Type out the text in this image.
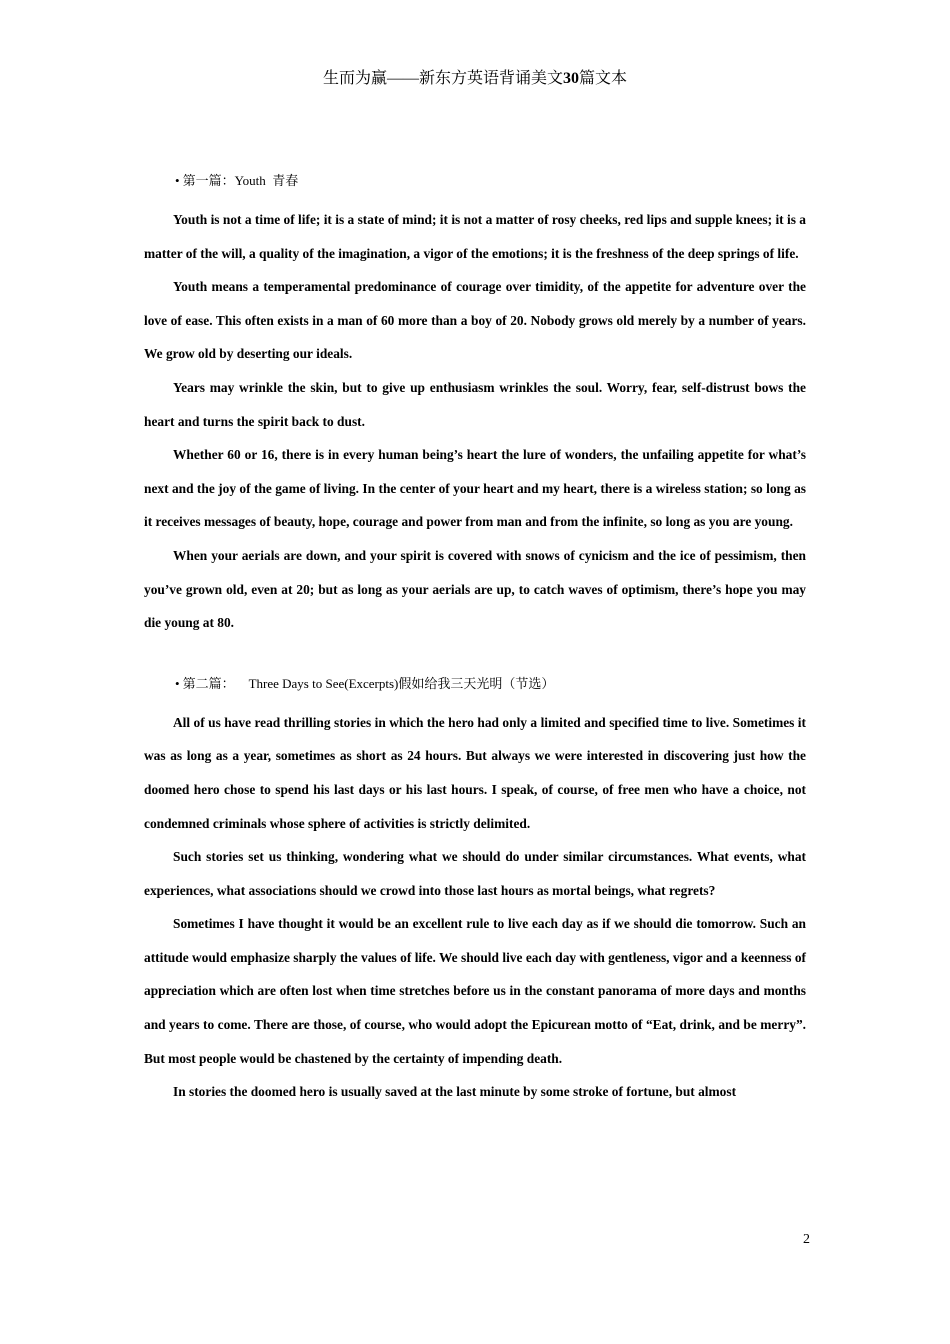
生而为赢——新东方英语背诵美文30篇文本
• 第一篇：Youth  青春

Youth is not a time of life; it is a state of mind; it is not a matter of rosy cheeks, red lips and supple knees; it is a matter of the will, a quality of the imagination, a vigor of the emotions; it is the freshness of the deep springs of life.

Youth means a temperamental predominance of courage over timidity, of the appetite for adventure over the love of ease. This often exists in a man of 60 more than a boy of 20. Nobody grows old merely by a number of years. We grow old by deserting our ideals.

Years may wrinkle the skin, but to give up enthusiasm wrinkles the soul. Worry, fear, self-distrust bows the heart and turns the spirit back to dust.

Whether 60 or 16, there is in every human being’s heart the lure of wonders, the unfailing appetite for what’s next and the joy of the game of living. In the center of your heart and my heart, there is a wireless station; so long as it receives messages of beauty, hope, courage and power from man and from the infinite, so long as you are young.

When your aerials are down, and your spirit is covered with snows of cynicism and the ice of pessimism, then you’ve grown old, even at 20; but as long as your aerials are up, to catch waves of optimism, there’s hope you may die young at 80.

• 第二篇： Three Days to See(Excerpts)假如给我三天光明（节选）

All of us have read thrilling stories in which the hero had only a limited and specified time to live. Sometimes it was as long as a year, sometimes as short as 24 hours. But always we were interested in discovering just how the doomed hero chose to spend his last days or his last hours. I speak, of course, of free men who have a choice, not condemned criminals whose sphere of activities is strictly delimited.

Such stories set us thinking, wondering what we should do under similar circumstances. What events, what experiences, what associations should we crowd into those last hours as mortal beings, what regrets?

Sometimes I have thought it would be an excellent rule to live each day as if we should die tomorrow. Such an attitude would emphasize sharply the values of life. We should live each day with gentleness, vigor and a keenness of appreciation which are often lost when time stretches before us in the constant panorama of more days and months and years to come. There are those, of course, who would adopt the Epicurean motto of “Eat, drink, and be merry”. But most people would be chastened by the certainty of impending death.

In stories the doomed hero is usually saved at the last minute by some stroke of fortune, but almost

2
